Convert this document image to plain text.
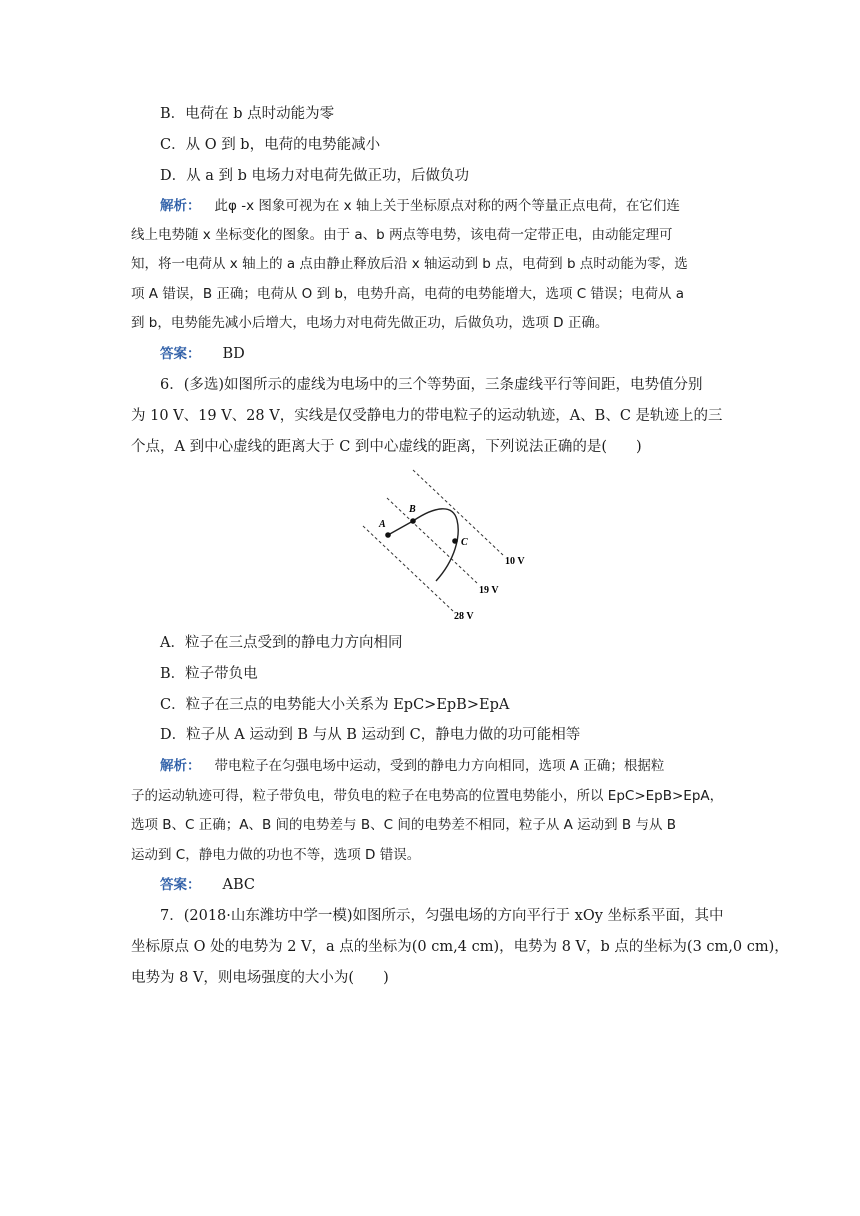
B．电荷在 b 点时动能为零
C．从 O 到 b，电荷的电势能减小
D．从 a 到 b 电场力对电荷先做正功，后做负功
解析： 此φ -x 图象可视为在 x 轴上关于坐标原点对称的两个等量正点电荷，在它们连
线上电势随 x 坐标变化的图象。由于 a、b 两点等电势，该电荷一定带正电，由动能定理可
知，将一电荷从 x 轴上的 a 点由静止释放后沿 x 轴运动到 b 点，电荷到 b 点时动能为零，选
项 A 错误，B 正确；电荷从 O 到 b，电势升高，电荷的电势能增大，选项 C 错误；电荷从 a
到 b，电势能先减小后增大，电场力对电荷先做正功，后做负功，选项 D 正确。
答案： BD
6．(多选)如图所示的虚线为电场中的三个等势面，三条虚线平行等间距，电势值分别
为 10 V、19 V、28 V，实线是仅受静电力的带电粒子的运动轨迹，A、B、C 是轨迹上的三
个点，A 到中心虚线的距离大于 C 到中心虚线的距离，下列说法正确的是(　　)
A
B
C
10 V
19 V
28 V
A．粒子在三点受到的静电力方向相同
B．粒子带负电
C．粒子在三点的电势能大小关系为 EpC>EpB>EpA
D．粒子从 A 运动到 B 与从 B 运动到 C，静电力做的功可能相等
解析： 带电粒子在匀强电场中运动，受到的静电力方向相同，选项 A 正确；根据粒
子的运动轨迹可得，粒子带负电，带负电的粒子在电势高的位置电势能小，所以 EpC>EpB>EpA，
选项 B、C 正确；A、B 间的电势差与 B、C 间的电势差不相同，粒子从 A 运动到 B 与从 B
运动到 C，静电力做的功也不等，选项 D 错误。
答案： ABC
7．(2018·山东潍坊中学一模)如图所示，匀强电场的方向平行于 xOy 坐标系平面，其中
坐标原点 O 处的电势为 2 V，a 点的坐标为(0 cm,4 cm)，电势为 8 V，b 点的坐标为(3 cm,0 cm)，
电势为 8 V，则电场强度的大小为(　　)
